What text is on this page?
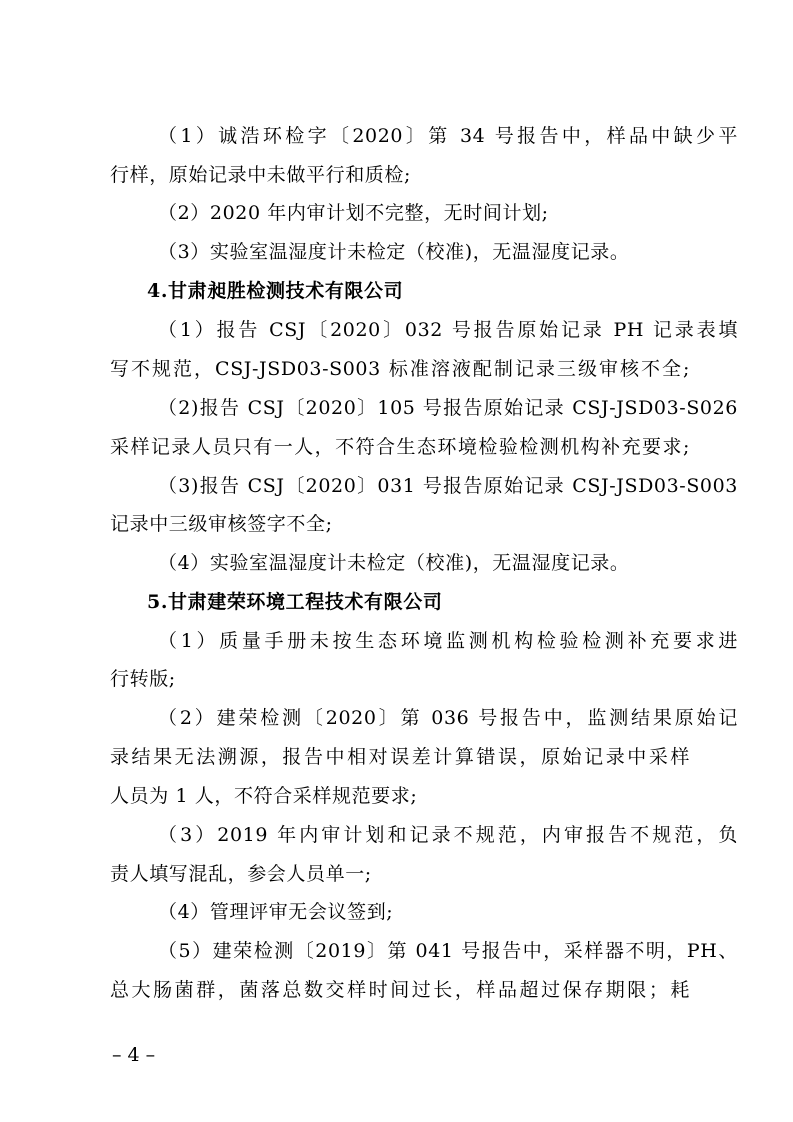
（1）诚浩环检字〔2020〕第 34 号报告中，样品中缺少平
行样，原始记录中未做平行和质检;
（2）2020 年内审计划不完整，无时间计划;
（3）实验室温湿度计未检定（校准)，无温湿度记录。
4.甘肃昶胜检测技术有限公司
（1）报告 CSJ〔2020〕032 号报告原始记录 PH 记录表填
写不规范，CSJ-JSD03-S003 标准溶液配制记录三级审核不全;
（2)报告 CSJ〔2020〕105 号报告原始记录 CSJ-JSD03-S026
采样记录人员只有一人，不符合生态环境检验检测机构补充要求;
（3)报告 CSJ〔2020〕031 号报告原始记录 CSJ-JSD03-S003
记录中三级审核签字不全;
（4）实验室温湿度计未检定（校准)，无温湿度记录。
5.甘肃建荣环境工程技术有限公司
（1）质量手册未按生态环境监测机构检验检测补充要求进
行转版;
（2）建荣检测〔2020〕第 036 号报告中，监测结果原始记
录结果无法溯源，报告中相对误差计算错误，原始记录中采样
人员为 1 人，不符合采样规范要求;
（3）2019 年内审计划和记录不规范，内审报告不规范，负
责人填写混乱，参会人员单一;
（4）管理评审无会议签到;
（5）建荣检测〔2019〕第 041 号报告中，采样器不明，PH、
总大肠菌群，菌落总数交样时间过长，样品超过保存期限；耗
– 4 –
